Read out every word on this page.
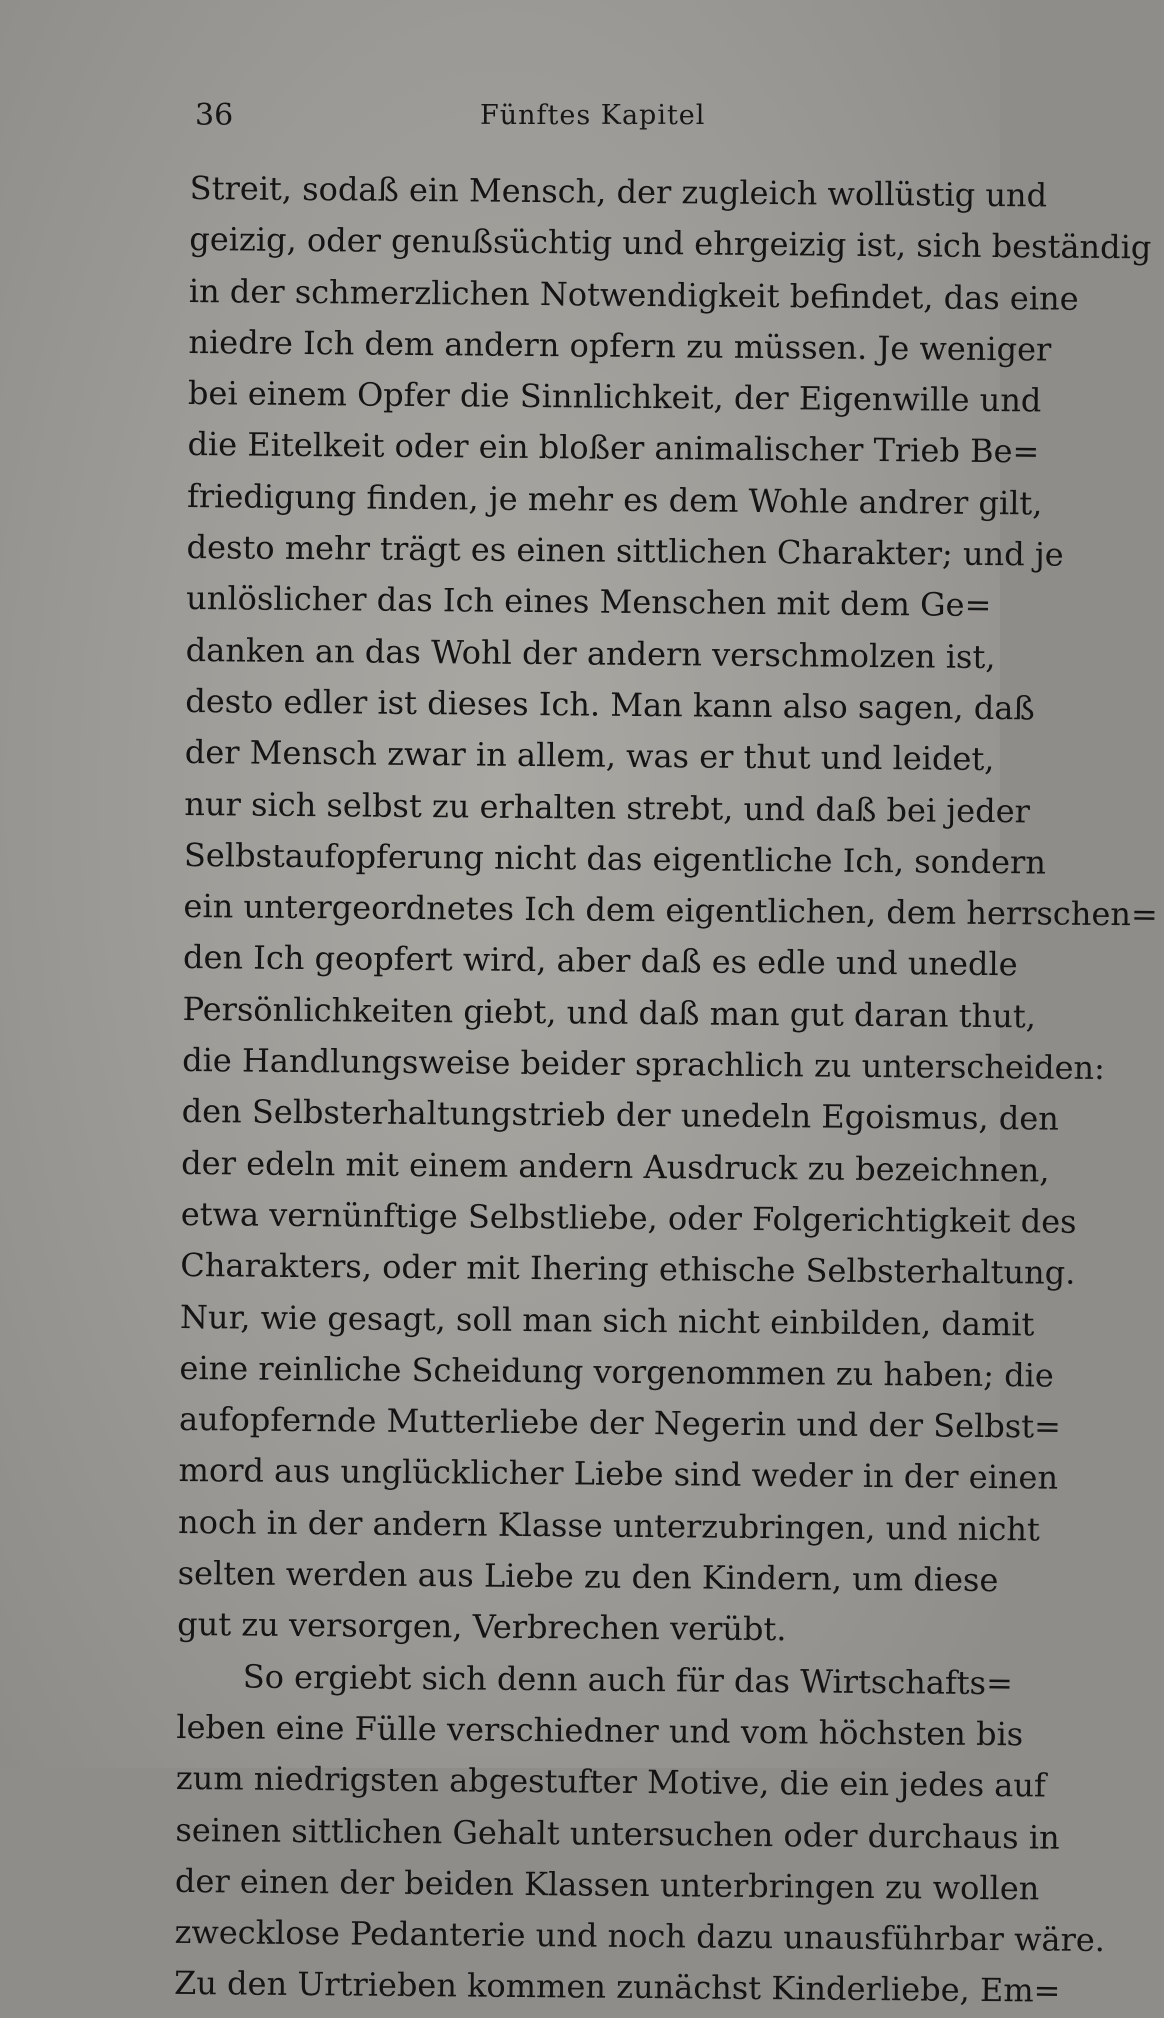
36	Fünftes Kapitel
Streit, sodaß ein Mensch, der zugleich wollüstig und
geizig, oder genußsüchtig und ehrgeizig ist, sich beständig
in der schmerzlichen Notwendigkeit befindet, das eine
niedre Ich dem andern opfern zu müssen. Je weniger
bei einem Opfer die Sinnlichkeit, der Eigenwille und
die Eitelkeit oder ein bloßer animalischer Trieb Be=
friedigung finden, je mehr es dem Wohle andrer gilt,
desto mehr trägt es einen sittlichen Charakter; und je
unlöslicher das Ich eines Menschen mit dem Ge=
danken an das Wohl der andern verschmolzen ist,
desto edler ist dieses Ich. Man kann also sagen, daß
der Mensch zwar in allem, was er thut und leidet,
nur sich selbst zu erhalten strebt, und daß bei jeder
Selbstaufopferung nicht das eigentliche Ich, sondern
ein untergeordnetes Ich dem eigentlichen, dem herrschen=
den Ich geopfert wird, aber daß es edle und unedle
Persönlichkeiten giebt, und daß man gut daran thut,
die Handlungsweise beider sprachlich zu unterscheiden:
den Selbsterhaltungstrieb der unedeln Egoismus, den
der edeln mit einem andern Ausdruck zu bezeichnen,
etwa vernünftige Selbstliebe, oder Folgerichtigkeit des
Charakters, oder mit Ihering ethische Selbsterhaltung.
Nur, wie gesagt, soll man sich nicht einbilden, damit
eine reinliche Scheidung vorgenommen zu haben; die
aufopfernde Mutterliebe der Negerin und der Selbst=
mord aus unglücklicher Liebe sind weder in der einen
noch in der andern Klasse unterzubringen, und nicht
selten werden aus Liebe zu den Kindern, um diese
gut zu versorgen, Verbrechen verübt.
So ergiebt sich denn auch für das Wirtschafts=
leben eine Fülle verschiedner und vom höchsten bis
zum niedrigsten abgestufter Motive, die ein jedes auf
seinen sittlichen Gehalt untersuchen oder durchaus in
der einen der beiden Klassen unterbringen zu wollen
zwecklose Pedanterie und noch dazu unausführbar wäre.
Zu den Urtrieben kommen zunächst Kinderliebe, Em=
